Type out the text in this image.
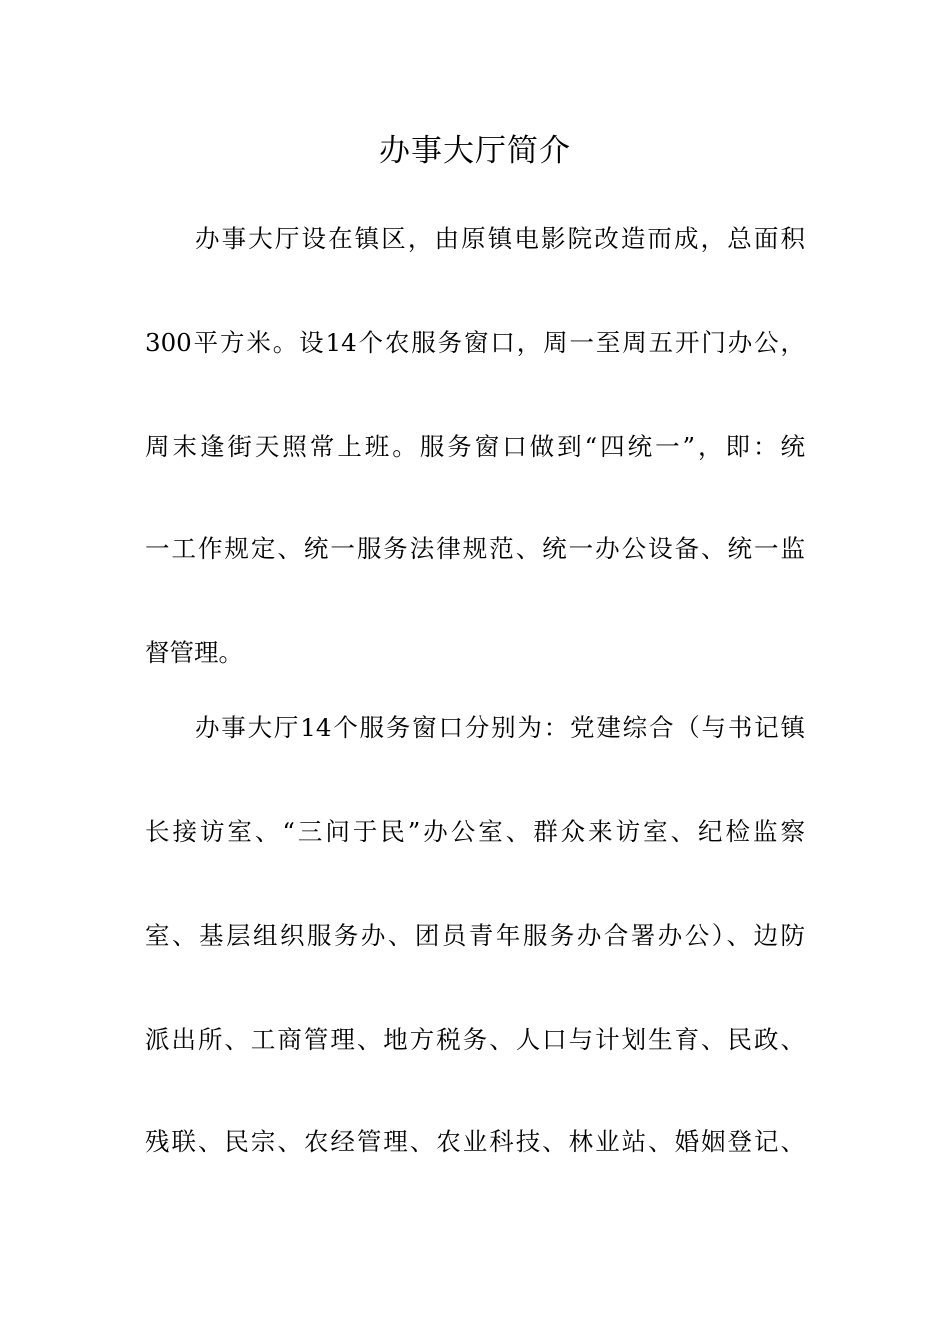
办事大厅简介
办事大厅设在镇区，由原镇电影院改造而成，总面积
300平方米。设14个农服务窗口，周一至周五开门办公，
周末逢街天照常上班。服务窗口做到“四统一”，即：统
一工作规定、统一服务法律规范、统一办公设备、统一监
督管理。
办事大厅14个服务窗口分别为：党建综合（与书记镇
长接访室、“三问于民”办公室、群众来访室、纪检监察
室、基层组织服务办、团员青年服务办合署办公）、边防
派出所、工商管理、地方税务、人口与计划生育、民政、
残联、民宗、农经管理、农业科技、林业站、婚姻登记、
